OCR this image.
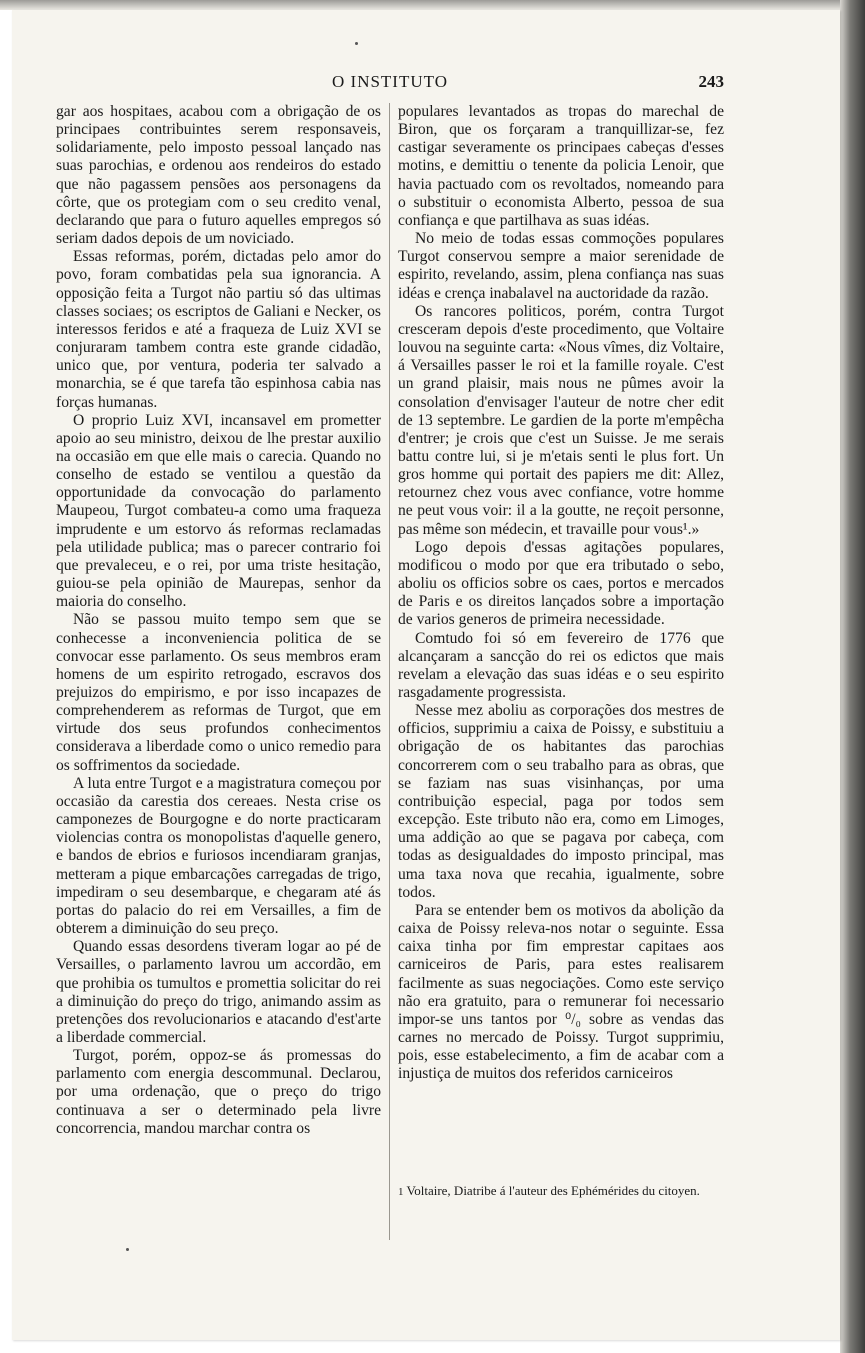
O INSTITUTO	243

gar aos hospitaes, acabou com a obrigação de os principaes contribuintes serem responsaveis, solidariamente, pelo imposto pessoal lançado nas suas parochias, e ordenou aos rendeiros do estado que não pagassem pensões aos personagens da côrte, que os protegiam com o seu credito venal, declarando que para o futuro aquelles empregos só seriam dados depois de um noviciado.

Essas reformas, porém, dictadas pelo amor do povo, foram combatidas pela sua ignorancia. A opposição feita a Turgot não partiu só das ultimas classes sociaes; os escriptos de Galiani e Necker, os interessos feridos e até a fraqueza de Luiz XVI se conjuraram tambem contra este grande cidadão, unico que, por ventura, poderia ter salvado a monarchia, se é que tarefa tão espinhosa cabia nas forças humanas.

O proprio Luiz XVI, incansavel em prometter apoio ao seu ministro, deixou de lhe prestar auxilio na occasião em que elle mais o carecia. Quando no conselho de estado se ventilou a questão da opportunidade da convocação do parlamento Maupeou, Turgot combateu-a como uma fraqueza imprudente e um estorvo ás reformas reclamadas pela utilidade publica; mas o parecer contrario foi que prevaleceu, e o rei, por uma triste hesitação, guiou-se pela opinião de Maurepas, senhor da maioria do conselho.

Não se passou muito tempo sem que se conhecesse a inconveniencia politica de se convocar esse parlamento. Os seus membros eram homens de um espirito retrogado, escravos dos prejuizos do empirismo, e por isso incapazes de comprehenderem as reformas de Turgot, que em virtude dos seus profundos conhecimentos considerava a liberdade como o unico remedio para os soffrimentos da sociedade.

A luta entre Turgot e a magistratura começou por occasião da carestia dos cereaes. Nesta crise os camponezes de Bourgogne e do norte practicaram violencias contra os monopolistas d'aquelle genero, e bandos de ebrios e furiosos incendiaram granjas, metteram a pique embarcações carregadas de trigo, impediram o seu desembarque, e chegaram até ás portas do palacio do rei em Versailles, a fim de obterem a diminuição do seu preço.

Quando essas desordens tiveram logar ao pé de Versailles, o parlamento lavrou um accordão, em que prohibia os tumultos e promettia solicitar do rei a diminuição do preço do trigo, animando assim as pretenções dos revolucionarios e atacando d'est'arte a liberdade commercial.

Turgot, porém, oppoz-se ás promessas do parlamento com energia descommunal. Declarou, por uma ordenação, que o preço do trigo continuava a ser o determinado pela livre concorrencia, mandou marchar contra os

populares levantados as tropas do marechal de Biron, que os forçaram a tranquillizar-se, fez castigar severamente os principaes cabeças d'esses motins, e demittiu o tenente da policia Lenoir, que havia pactuado com os revoltados, nomeando para o substituir o economista Alberto, pessoa de sua confiança e que partilhava as suas idéas.

No meio de todas essas commoções populares Turgot conservou sempre a maior serenidade de espirito, revelando, assim, plena confiança nas suas idéas e crença inabalavel na auctoridade da razão.

Os rancores politicos, porém, contra Turgot cresceram depois d'este procedimento, que Voltaire louvou na seguinte carta: «Nous vîmes, diz Voltaire, á Versailles passer le roi et la famille royale. C'est un grand plaisir, mais nous ne pûmes avoir la consolation d'envisager l'auteur de notre cher edit de 13 septembre. Le gardien de la porte m'empêcha d'entrer; je crois que c'est un Suisse. Je me serais battu contre lui, si je m'etais senti le plus fort. Un gros homme qui portait des papiers me dit: Allez, retournez chez vous avec confiance, votre homme ne peut vous voir: il a la goutte, ne reçoit personne, pas même son médecin, et travaille pour vous¹.»

Logo depois d'essas agitações populares, modificou o modo por que era tributado o sebo, aboliu os officios sobre os caes, portos e mercados de Paris e os direitos lançados sobre a importação de varios generos de primeira necessidade.

Comtudo foi só em fevereiro de 1776 que alcançaram a sancção do rei os edictos que mais revelam a elevação das suas idéas e o seu espirito rasgadamente progressista.

Nesse mez aboliu as corporações dos mestres de officios, supprimiu a caixa de Poissy, e substituiu a obrigação de os habitantes das parochias concorrerem com o seu trabalho para as obras, que se faziam nas suas visinhanças, por uma contribuição especial, paga por todos sem excepção. Este tributo não era, como em Limoges, uma addição ao que se pagava por cabeça, com todas as desigualdades do imposto principal, mas uma taxa nova que recahia, igualmente, sobre todos.

Para se entender bem os motivos da abolição da caixa de Poissy releva-nos notar o seguinte. Essa caixa tinha por fim emprestar capitaes aos carniceiros de Paris, para estes realisarem facilmente as suas negociações. Como este serviço não era gratuito, para o remunerar foi necessario impor-se uns tantos por ⁰/₀ sobre as vendas das carnes no mercado de Poissy. Turgot supprimiu, pois, esse estabelecimento, a fim de acabar com a injustiça de muitos dos referidos carniceiros

1 Voltaire, Diatribe á l'auteur des Ephémérides du citoyen.
